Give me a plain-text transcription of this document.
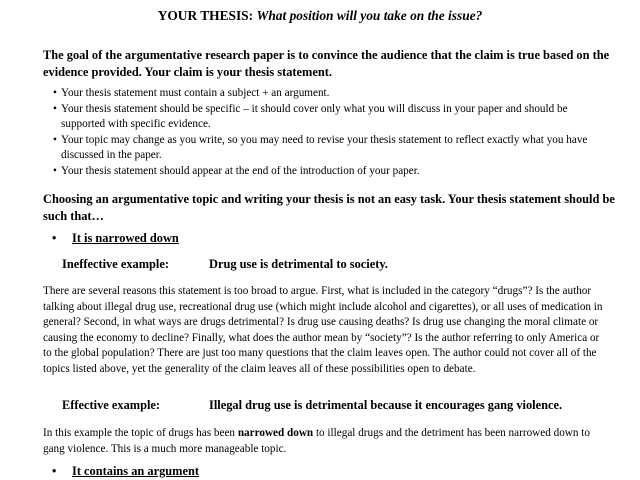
YOUR THESIS: What position will you take on the issue?
The goal of the argumentative research paper is to convince the audience that the claim is true based on the evidence provided. Your claim is your thesis statement.
• Your thesis statement must contain a subject + an argument.
• Your thesis statement should be specific – it should cover only what you will discuss in your paper and should be supported with specific evidence.
• Your topic may change as you write, so you may need to revise your thesis statement to reflect exactly what you have discussed in the paper.
• Your thesis statement should appear at the end of the introduction of your paper.
Choosing an argumentative topic and writing your thesis is not an easy task. Your thesis statement should be such that…
• It is narrowed down
Ineffective example:	Drug use is detrimental to society.
There are several reasons this statement is too broad to argue. First, what is included in the category “drugs”? Is the author talking about illegal drug use, recreational drug use (which might include alcohol and cigarettes), or all uses of medication in general? Second, in what ways are drugs detrimental? Is drug use causing deaths? Is drug use changing the moral climate or causing the economy to decline? Finally, what does the author mean by “society”? Is the author referring to only America or to the global population? There are just too many questions that the claim leaves open. The author could not cover all of the topics listed above, yet the generality of the claim leaves all of these possibilities open to debate.
Effective example:	Illegal drug use is detrimental because it encourages gang violence.
In this example the topic of drugs has been narrowed down to illegal drugs and the detriment has been narrowed down to gang violence. This is a much more manageable topic.
• It contains an argument
